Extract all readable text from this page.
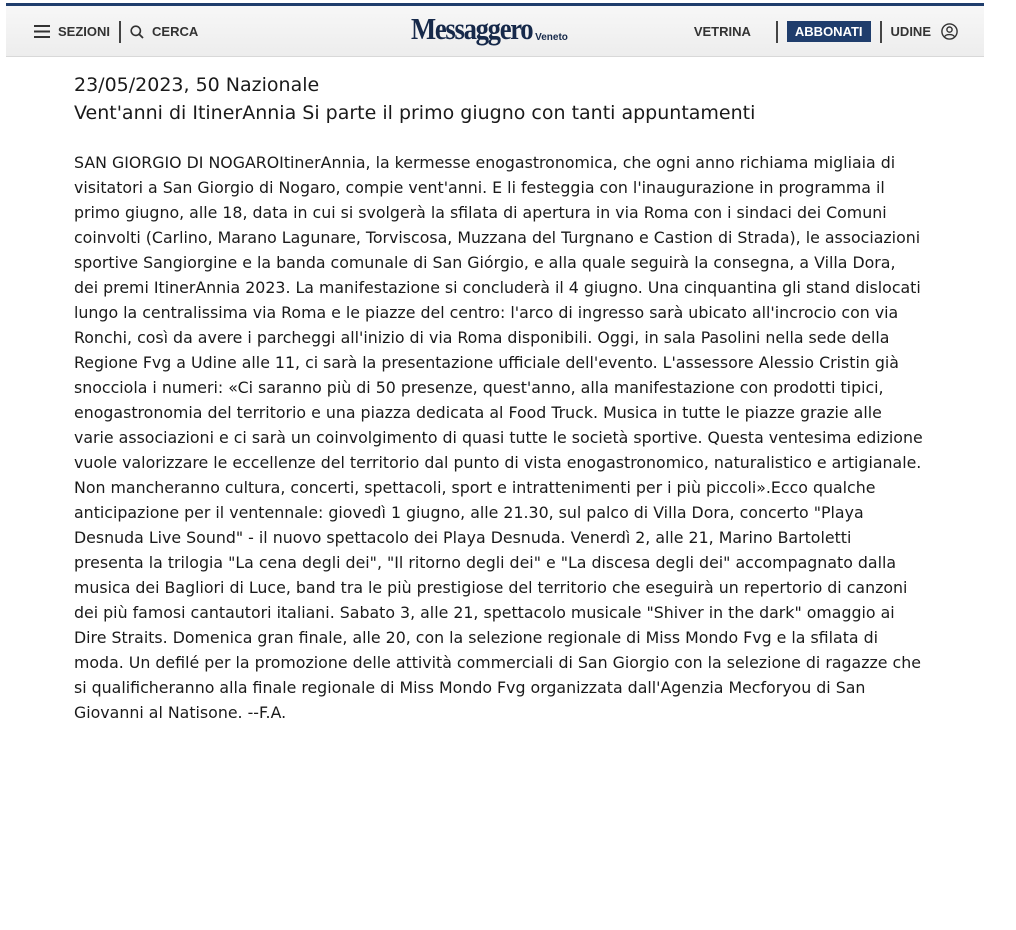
SEZIONI	CERCA	Messaggero Veneto	VETRINA	ABBONATI	UDINE

23/05/2023, 50 Nazionale

Vent'anni di ItinerAnnia Si parte il primo giugno con tanti appuntamenti

SAN GIORGIO DI NOGAROItinerAnnia, la kermesse enogastronomica, che ogni anno richiama migliaia di visitatori a San Giorgio di Nogaro, compie vent'anni. E li festeggia con l'inaugurazione in programma il primo giugno, alle 18, data in cui si svolgerà la sfilata di apertura in via Roma con i sindaci dei Comuni coinvolti (Carlino, Marano Lagunare, Torviscosa, Muzzana del Turgnano e Castion di Strada), le associazioni sportive Sangiorgine e la banda comunale di San Giórgio, e alla quale seguirà la consegna, a Villa Dora, dei premi ItinerAnnia 2023. La manifestazione si concluderà il 4 giugno. Una cinquantina gli stand dislocati lungo la centralissima via Roma e le piazze del centro: l'arco di ingresso sarà ubicato all'incrocio con via Ronchi, così da avere i parcheggi all'inizio di via Roma disponibili. Oggi, in sala Pasolini nella sede della Regione Fvg a Udine alle 11, ci sarà la presentazione ufficiale dell'evento. L'assessore Alessio Cristin già snocciola i numeri: «Ci saranno più di 50 presenze, quest'anno, alla manifestazione con prodotti tipici, enogastronomia del territorio e una piazza dedicata al Food Truck. Musica in tutte le piazze grazie alle varie associazioni e ci sarà un coinvolgimento di quasi tutte le società sportive. Questa ventesima edizione vuole valorizzare le eccellenze del territorio dal punto di vista enogastronomico, naturalistico e artigianale. Non mancheranno cultura, concerti, spettacoli, sport e intrattenimenti per i più piccoli».Ecco qualche anticipazione per il ventennale: giovedì 1 giugno, alle 21.30, sul palco di Villa Dora, concerto "Playa Desnuda Live Sound" - il nuovo spettacolo dei Playa Desnuda. Venerdì 2, alle 21, Marino Bartoletti presenta la trilogia "La cena degli dei", "Il ritorno degli dei" e "La discesa degli dei" accompagnato dalla musica dei Bagliori di Luce, band tra le più prestigiose del territorio che eseguirà un repertorio di canzoni dei più famosi cantautori italiani. Sabato 3, alle 21, spettacolo musicale "Shiver in the dark" omaggio ai Dire Straits. Domenica gran finale, alle 20, con la selezione regionale di Miss Mondo Fvg e la sfilata di moda. Un defilé per la promozione delle attività commerciali di San Giorgio con la selezione di ragazze che si qualificheranno alla finale regionale di Miss Mondo Fvg organizzata dall'Agenzia Mecforyou di San Giovanni al Natisone. --F.A.
